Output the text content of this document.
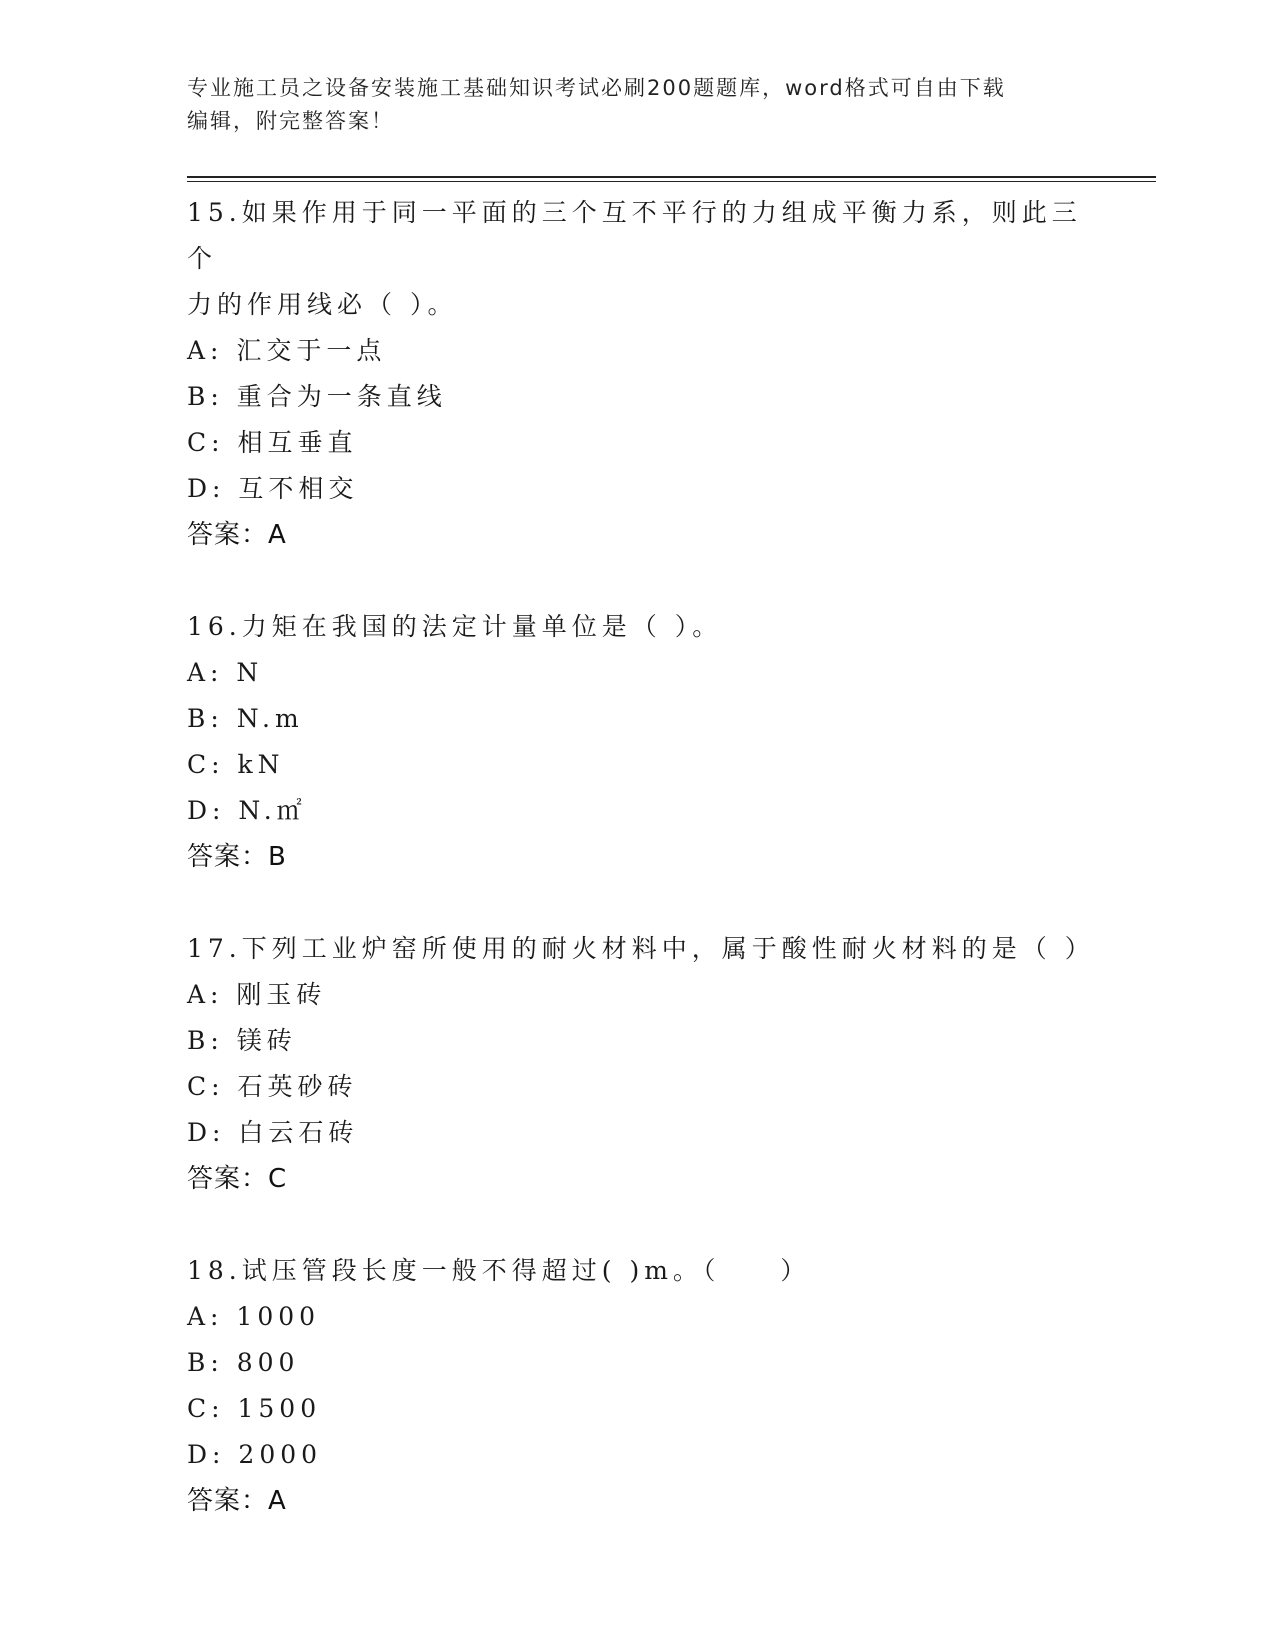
专业施工员之设备安装施工基础知识考试必刷200题题库，word格式可自由下载
编辑，附完整答案！

15.如果作用于同一平面的三个互不平行的力组成平衡力系，则此三个

力的作用线必（ ）。

A: 汇交于一点

B: 重合为一条直线

C: 相互垂直

D: 互不相交

答案：A

16.力矩在我国的法定计量单位是（ ）。

A: N

B: N.m

C: kN

D: N.㎡

答案：B

17.下列工业炉窑所使用的耐火材料中，属于酸性耐火材料的是（ ）

A: 刚玉砖

B: 镁砖

C: 石英砂砖

D: 白云石砖

答案：C

18.试压管段长度一般不得超过( )m。（　　）

A: 1000

B: 800

C: 1500

D: 2000

答案：A
